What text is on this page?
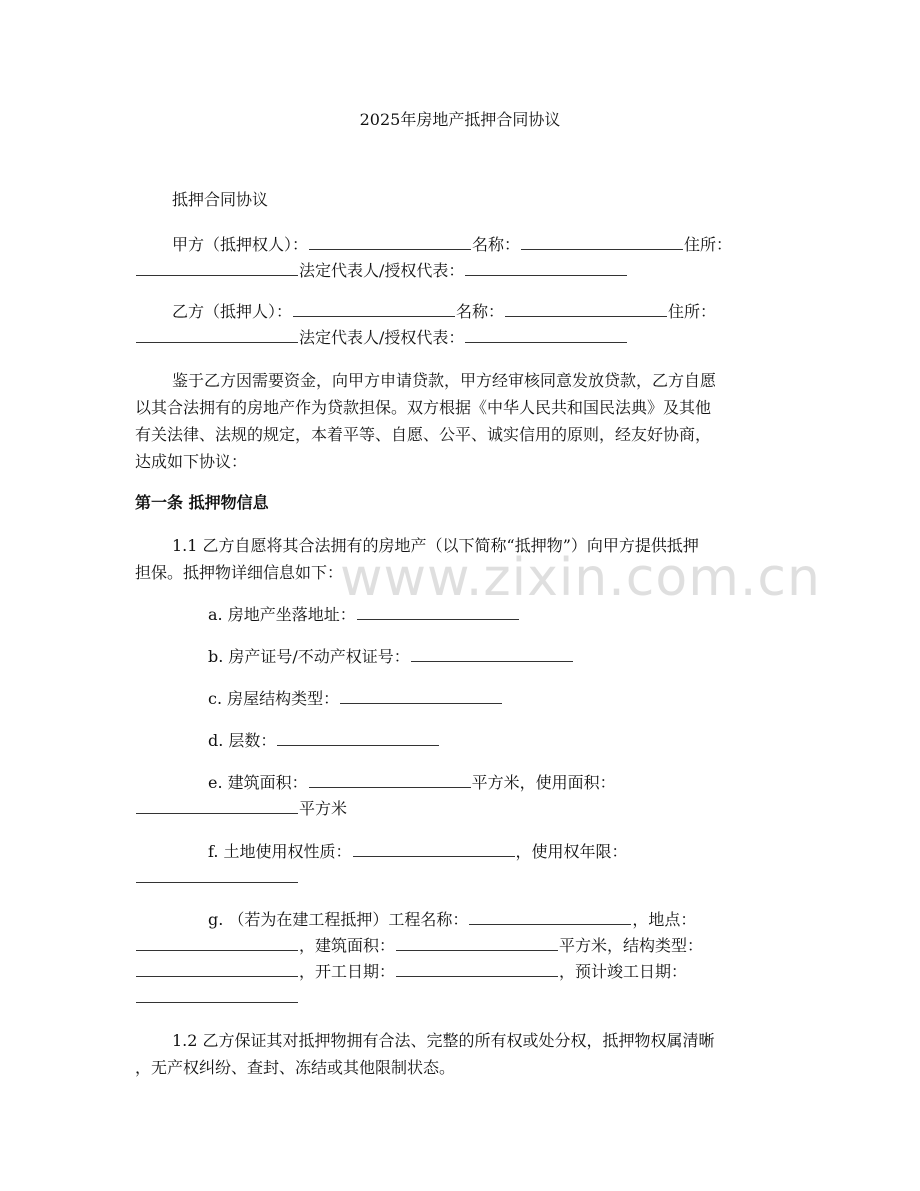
2025年房地产抵押合同协议
抵押合同协议
甲方（抵押权人）：	名称：	住所：
法定代表人/授权代表：
乙方（抵押人）：	名称：	住所：
法定代表人/授权代表：
鉴于乙方因需要资金，向甲方申请贷款，甲方经审核同意发放贷款，乙方自愿
以其合法拥有的房地产作为贷款担保。双方根据《中华人民共和国民法典》及其他
有关法律、法规的规定，本着平等、自愿、公平、诚实信用的原则，经友好协商，
达成如下协议：
第一条 抵押物信息
1.1 乙方自愿将其合法拥有的房地产（以下简称“抵押物”）向甲方提供抵押
担保。抵押物详细信息如下：
a. 房地产坐落地址：
b. 房产证号/不动产权证号：
c. 房屋结构类型：
d. 层数：
e. 建筑面积：	平方米，使用面积：
平方米
f. 土地使用权性质：	，使用权年限：
g. （若为在建工程抵押）工程名称：	，地点：
，建筑面积：	平方米，结构类型：
，开工日期：	，预计竣工日期：
1.2 乙方保证其对抵押物拥有合法、完整的所有权或处分权，抵押物权属清晰
，无产权纠纷、查封、冻结或其他限制状态。
www.zixin.com.cn
